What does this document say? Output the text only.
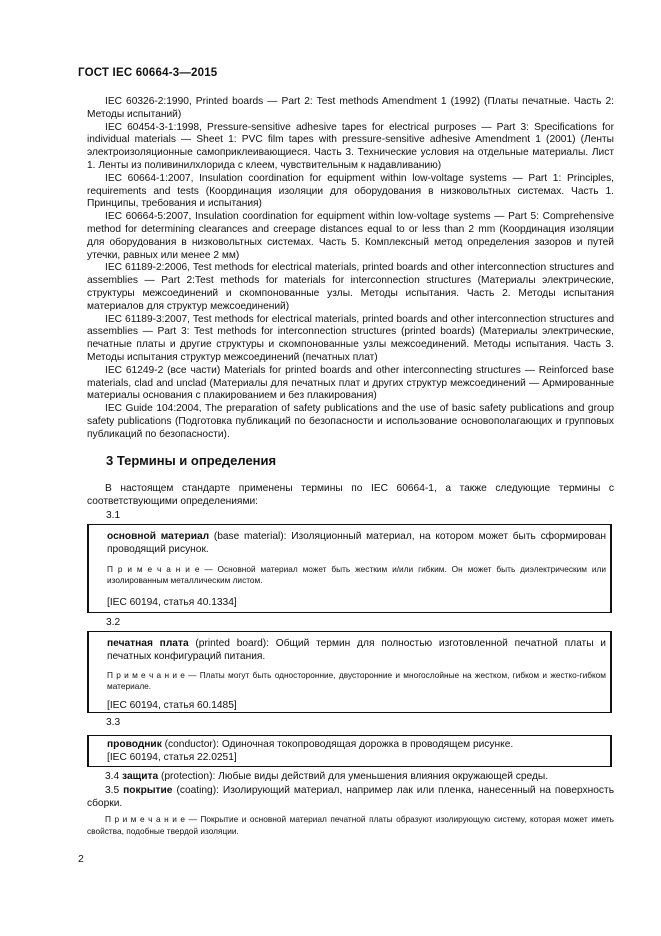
ГОСТ IEC 60664-3—2015

IEC 60326-2:1990, Printed boards — Part 2: Test methods Amendment 1 (1992) (Платы печатные. Часть 2: Методы испытаний)

IEC 60454-3-1:1998, Pressure-sensitive adhesive tapes for electrical purposes — Part 3: Specifications for individual materials — Sheet 1: PVC film tapes with pressure-sensitive adhesive Amendment 1 (2001) (Ленты электроизоляционные самоприклеивающиеся. Часть 3. Технические условия на отдельные материалы. Лист 1. Ленты из поливинилхлорида с клеем, чувствительным к надавливанию)

IEC 60664-1:2007, Insulation coordination for equipment within low-voltage systems — Part 1: Principles, requirements and tests (Координация изоляции для оборудования в низковольтных системах. Часть 1. Принципы, требования и испытания)

IEC 60664-5:2007, Insulation coordination for equipment within low-voltage systems — Part 5: Comprehensive method for determining clearances and creepage distances equal to or less than 2 mm (Координация изоляции для оборудования в низковольтных системах. Часть 5. Комплексный метод определения зазоров и путей утечки, равных или менее 2 мм)

IEC 61189-2:2006, Test methods for electrical materials, printed boards and other interconnection structures and assemblies — Part 2:Test methods for materials for interconnection structures (Материалы электрические, структуры межсоединений и скомпонованные узлы. Методы испытания. Часть 2. Методы испытания материалов для структур межсоединений)

IEC 61189-3:2007, Test methods for electrical materials, printed boards and other interconnection structures and assemblies — Part 3: Test methods for interconnection structures (printed boards) (Материалы электрические, печатные платы и другие структуры и скомпонованные узлы межсоединений. Методы испытания. Часть 3. Методы испытания структур межсоединений (печатных плат)

IEC 61249-2 (все части) Materials for printed boards and other interconnecting structures — Reinforced base materials, clad and unclad (Материалы для печатных плат и других структур межсоединений — Армированные материалы основания с плакированием и без плакирования)

IEC Guide 104:2004, The preparation of safety publications and the use of basic safety publications and group safety publications (Подготовка публикаций по безопасности и использование основополагающих и групповых публикаций по безопасности).

3 Термины и определения

В настоящем стандарте применены термины по IEC 60664-1, а также следующие термины с соответствующими определениями:

3.1

основной материал (base material): Изоляционный материал, на котором может быть сформирован проводящий рисунок.

П р и м е ч а н и е — Основной материал может быть жестким и/или гибким. Он может быть диэлектрическим или изолированным металлическим листом.

[IEC 60194, статья 40.1334]

3.2

печатная плата (printed board): Общий термин для полностью изготовленной печатной платы и печатных конфигураций питания.

П р и м е ч а н и е — Платы могут быть односторонние, двусторонние и многослойные на жестком, гибком и жестко-гибком материале.

[IEC 60194, статья 60.1485]

3.3

проводник (conductor): Одиночная токопроводящая дорожка в проводящем рисунке.

[IEC 60194, статья 22.0251]

3.4 защита (protection): Любые виды действий для уменьшения влияния окружающей среды.

3.5 покрытие (coating): Изолирующий материал, например лак или пленка, нанесенный на поверхность сборки.

П р и м е ч а н и е — Покрытие и основной материал печатной платы образуют изолирующую систему, которая может иметь свойства, подобные твердой изоляции.

2
